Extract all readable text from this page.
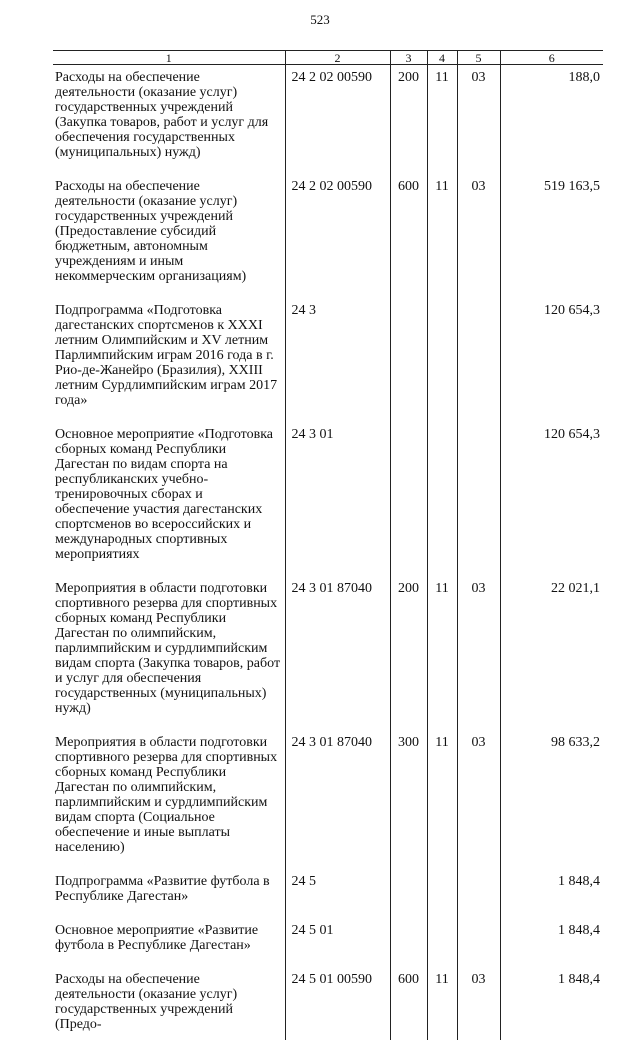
523
1	2	3	4	5	6
Расходы на обеспечение деятельности (оказание услуг) государственных учреждений (Закупка товаров, работ и услуг для обеспечения государственных (муниципальных) нужд)	24 2 02 00590	200	11	03	188,0
Расходы на обеспечение деятельности (оказание услуг) государственных учреждений (Предоставление субсидий бюджетным, автономным учреждениям и иным некоммерческим организациям)	24 2 02 00590	600	11	03	519 163,5
Подпрограмма «Подготовка дагестанских спортсменов к XXXI летним Олимпийским и XV летним Парлимпийским играм 2016 года в г. Рио-де-Жанейро (Бразилия), XXIII летним Сурдлимпийским играм 2017 года»	24 3				120 654,3
Основное мероприятие «Подготовка сборных команд Республики Дагестан по видам спорта на республиканских учебно-тренировочных сборах и обеспечение участия дагестанских спортсменов во всероссийских и международных спортивных мероприятиях	24 3 01				120 654,3
Мероприятия в области подготовки спортивного резерва для спортивных сборных команд Республики Дагестан по олимпийским, парлимпийским и сурдлимпийским видам спорта (Закупка товаров, работ и услуг для обеспечения государственных (муниципальных) нужд)	24 3 01 87040	200	11	03	22 021,1
Мероприятия в области подготовки спортивного резерва для спортивных сборных команд Республики Дагестан по олимпийским, парлимпийским и сурдлимпийским видам спорта (Социальное обеспечение и иные выплаты населению)	24 3 01 87040	300	11	03	98 633,2
Подпрограмма «Развитие футбола в Республике Дагестан»	24 5				1 848,4
Основное мероприятие «Развитие футбола в Республике Дагестан»	24 5 01				1 848,4
Расходы на обеспечение деятельности (оказание услуг) государственных учреждений (Предо-	24 5 01 00590	600	11	03	1 848,4
